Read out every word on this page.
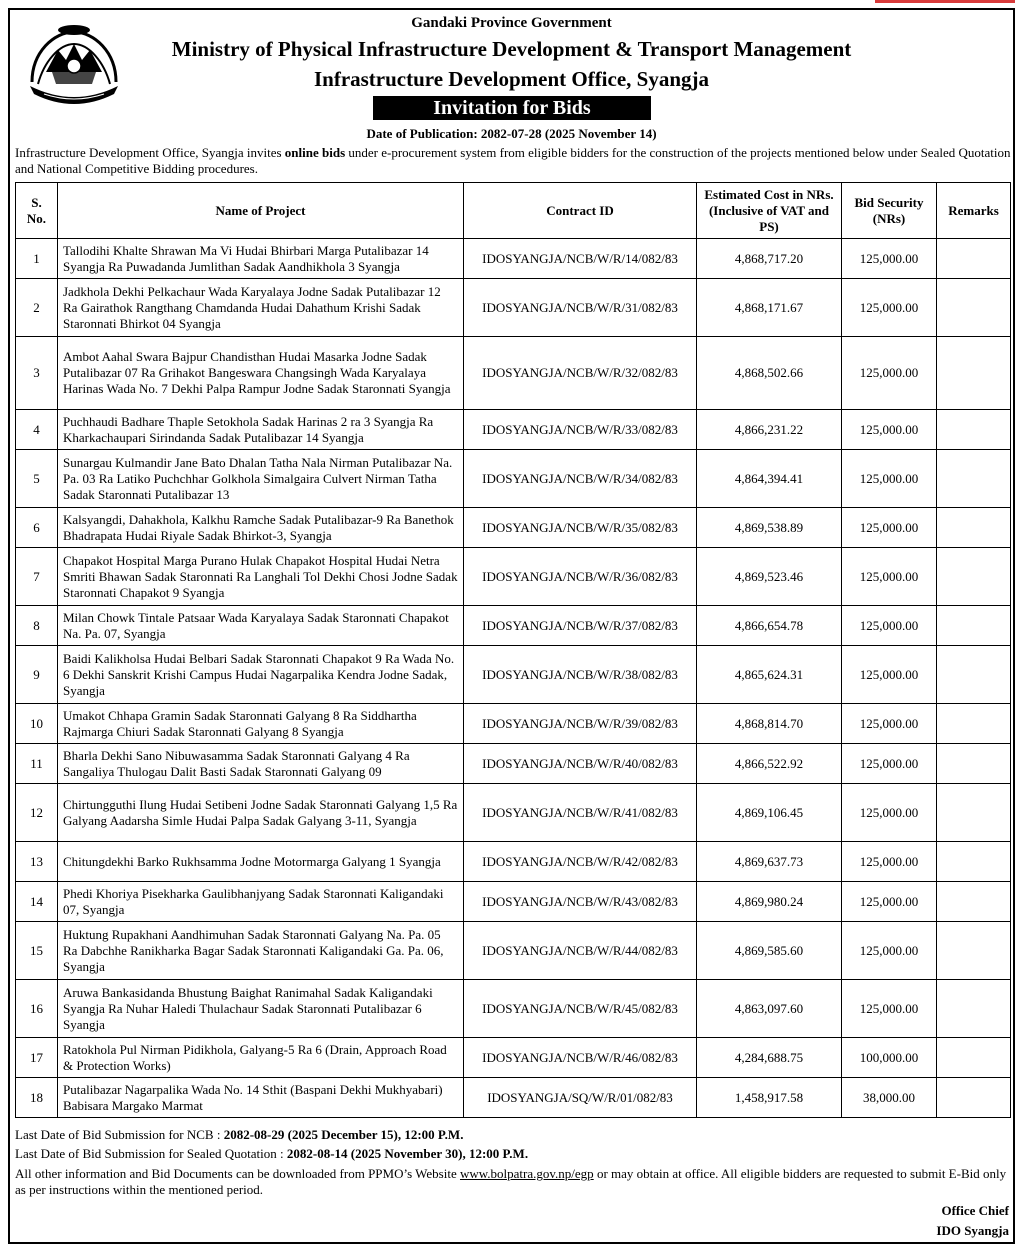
Gandaki Province Government
Ministry of Physical Infrastructure Development & Transport Management
Infrastructure Development Office, Syangja
Invitation for Bids
Date of Publication: 2082-07-28 (2025 November 14)
Infrastructure Development Office, Syangja invites online bids under e-procurement system from eligible bidders for the construction of the projects mentioned below under Sealed Quotation and National Competitive Bidding procedures.
S. No.	Name of Project	Contract ID	Estimated Cost in NRs. (Inclusive of VAT and PS)	Bid Security (NRs)	Remarks
1	Tallodihi Khalte Shrawan Ma Vi Hudai Bhirbari Marga Putalibazar 14 Syangja Ra Puwadanda Jumlithan Sadak Aandhikhola 3 Syangja	IDOSYANGJA/NCB/W/R/14/082/83	4,868,717.20	125,000.00	
2	Jadkhola Dekhi Pelkachaur Wada Karyalaya Jodne Sadak Putalibazar 12 Ra Gairathok Rangthang Chamdanda Hudai Dahathum Krishi Sadak Staronnati Bhirkot 04 Syangja	IDOSYANGJA/NCB/W/R/31/082/83	4,868,171.67	125,000.00	
3	Ambot Aahal Swara Bajpur Chandisthan Hudai Masarka Jodne Sadak Putalibazar 07 Ra Grihakot Bangeswara Changsingh Wada Karyalaya Harinas Wada No. 7 Dekhi Palpa Rampur Jodne Sadak Staronnati Syangja	IDOSYANGJA/NCB/W/R/32/082/83	4,868,502.66	125,000.00	
4	Puchhaudi Badhare Thaple Setokhola Sadak Harinas 2 ra 3 Syangja Ra Kharkachaupari Sirindanda Sadak Putalibazar 14 Syangja	IDOSYANGJA/NCB/W/R/33/082/83	4,866,231.22	125,000.00	
5	Sunargau Kulmandir Jane Bato Dhalan Tatha Nala Nirman Putalibazar Na. Pa. 03 Ra Latiko Puchchhar Golkhola Simalgaira Culvert Nirman Tatha Sadak Staronnati Putalibazar 13	IDOSYANGJA/NCB/W/R/34/082/83	4,864,394.41	125,000.00	
6	Kalsyangdi, Dahakhola, Kalkhu Ramche Sadak Putalibazar-9 Ra Banethok Bhadrapata Hudai Riyale Sadak Bhirkot-3, Syangja	IDOSYANGJA/NCB/W/R/35/082/83	4,869,538.89	125,000.00	
7	Chapakot Hospital Marga Purano Hulak Chapakot Hospital Hudai Netra Smriti Bhawan Sadak Staronnati Ra Langhali Tol Dekhi Chosi Jodne Sadak Staronnati Chapakot 9 Syangja	IDOSYANGJA/NCB/W/R/36/082/83	4,869,523.46	125,000.00	
8	Milan Chowk Tintale Patsaar Wada Karyalaya Sadak Staronnati Chapakot Na. Pa. 07, Syangja	IDOSYANGJA/NCB/W/R/37/082/83	4,866,654.78	125,000.00	
9	Baidi Kalikholsa Hudai Belbari Sadak Staronnati Chapakot 9 Ra Wada No. 6 Dekhi Sanskrit Krishi Campus Hudai Nagarpalika Kendra Jodne Sadak, Syangja	IDOSYANGJA/NCB/W/R/38/082/83	4,865,624.31	125,000.00	
10	Umakot Chhapa Gramin Sadak Staronnati Galyang 8 Ra Siddhartha Rajmarga Chiuri Sadak Staronnati Galyang 8 Syangja	IDOSYANGJA/NCB/W/R/39/082/83	4,868,814.70	125,000.00	
11	Bharla Dekhi Sano Nibuwasamma Sadak Staronnati Galyang 4 Ra Sangaliya Thulogau Dalit Basti Sadak Staronnati Galyang 09	IDOSYANGJA/NCB/W/R/40/082/83	4,866,522.92	125,000.00	
12	Chirtungguthi Ilung Hudai Setibeni Jodne Sadak Staronnati Galyang 1,5 Ra Galyang Aadarsha Simle Hudai Palpa Sadak Galyang 3-11, Syangja	IDOSYANGJA/NCB/W/R/41/082/83	4,869,106.45	125,000.00	
13	Chitungdekhi Barko Rukhsamma Jodne Motormarga Galyang 1 Syangja	IDOSYANGJA/NCB/W/R/42/082/83	4,869,637.73	125,000.00	
14	Phedi Khoriya Pisekharka Gaulibhanjyang Sadak Staronnati Kaligandaki 07, Syangja	IDOSYANGJA/NCB/W/R/43/082/83	4,869,980.24	125,000.00	
15	Huktung Rupakhani Aandhimuhan Sadak Staronnati Galyang Na. Pa. 05 Ra Dabchhe Ranikharka Bagar Sadak Staronnati Kaligandaki Ga. Pa. 06, Syangja	IDOSYANGJA/NCB/W/R/44/082/83	4,869,585.60	125,000.00	
16	Aruwa Bankasidanda Bhustung Baighat Ranimahal Sadak Kaligandaki Syangja Ra Nuhar Haledi Thulachaur Sadak Staronnati Putalibazar 6 Syangja	IDOSYANGJA/NCB/W/R/45/082/83	4,863,097.60	125,000.00	
17	Ratokhola Pul Nirman Pidikhola, Galyang-5 Ra 6 (Drain, Approach Road & Protection Works)	IDOSYANGJA/NCB/W/R/46/082/83	4,284,688.75	100,000.00	
18	Putalibazar Nagarpalika Wada No. 14 Sthit (Baspani Dekhi Mukhyabari) Babisara Margako Marmat	IDOSYANGJA/SQ/W/R/01/082/83	1,458,917.58	38,000.00	
Last Date of Bid Submission for NCB : 2082-08-29 (2025 December 15), 12:00 P.M.
Last Date of Bid Submission for Sealed Quotation : 2082-08-14 (2025 November 30), 12:00 P.M.
All other information and Bid Documents can be downloaded from PPMO’s Website www.bolpatra.gov.np/egp or may obtain at office. All eligible bidders are requested to submit E-Bid only as per instructions within the mentioned period.
Office Chief
IDO Syangja
